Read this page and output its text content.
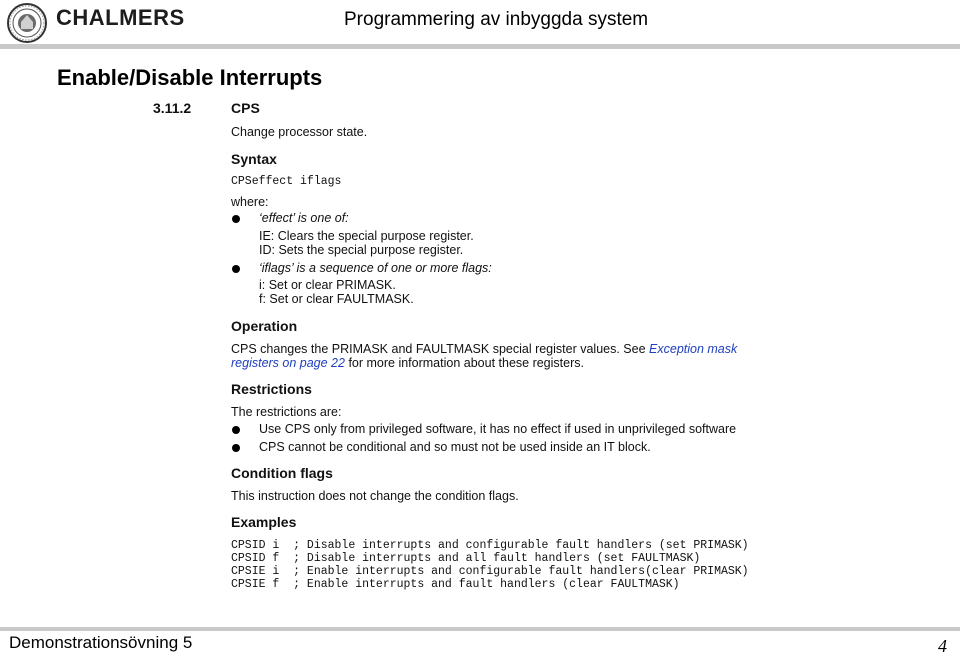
CHALMERS	Programmering av inbyggda system
Enable/Disable Interrupts
3.11.2	CPS
Change processor state.
Syntax
CPSeffect iflags
where:
‘effect’ is one of:
IE: Clears the special purpose register.
ID: Sets the special purpose register.
‘iflags’ is a sequence of one or more flags:
i: Set or clear PRIMASK.
f: Set or clear FAULTMASK.
Operation
CPS changes the PRIMASK and FAULTMASK special register values. See Exception mask
registers on page 22 for more information about these registers.
Restrictions
The restrictions are:
Use CPS only from privileged software, it has no effect if used in unprivileged software
CPS cannot be conditional and so must not be used inside an IT block.
Condition flags
This instruction does not change the condition flags.
Examples
CPSID i  ; Disable interrupts and configurable fault handlers (set PRIMASK)
CPSID f  ; Disable interrupts and all fault handlers (set FAULTMASK)
CPSIE i  ; Enable interrupts and configurable fault handlers(clear PRIMASK)
CPSIE f  ; Enable interrupts and fault handlers (clear FAULTMASK)
Demonstrationsövning 5	4
